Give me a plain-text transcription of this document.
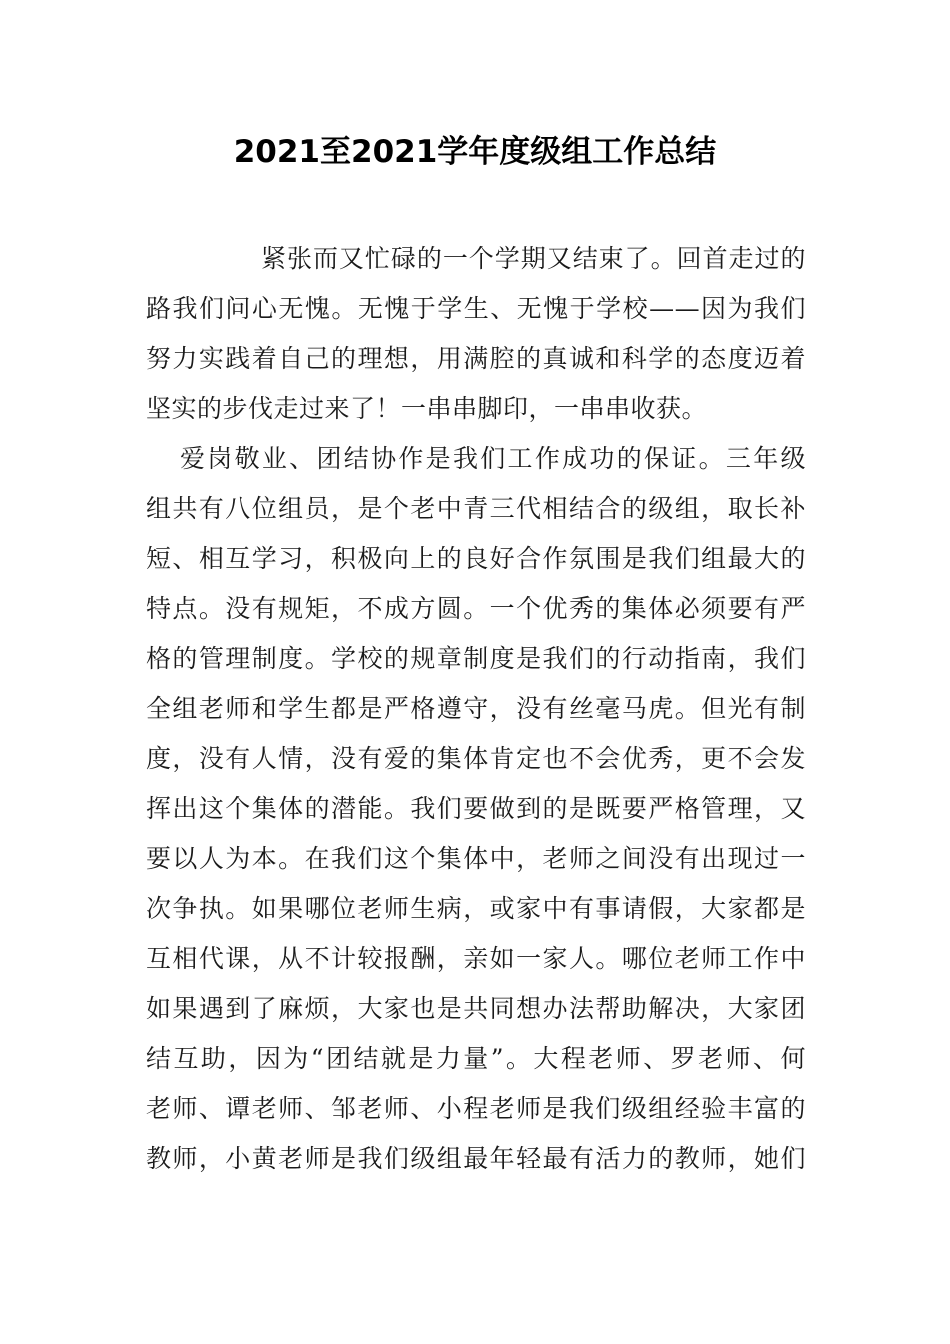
2021至2021学年度级组工作总结
紧张而又忙碌的一个学期又结束了。回首走过的
路我们问心无愧。无愧于学生、无愧于学校——因为我们
努力实践着自己的理想，用满腔的真诚和科学的态度迈着
坚实的步伐走过来了！一串串脚印，一串串收获。
爱岗敬业、团结协作是我们工作成功的保证。三年级
组共有八位组员，是个老中青三代相结合的级组，取长补
短、相互学习，积极向上的良好合作氛围是我们组最大的
特点。没有规矩，不成方圆。一个优秀的集体必须要有严
格的管理制度。学校的规章制度是我们的行动指南，我们
全组老师和学生都是严格遵守，没有丝毫马虎。但光有制
度，没有人情，没有爱的集体肯定也不会优秀，更不会发
挥出这个集体的潜能。我们要做到的是既要严格管理，又
要以人为本。在我们这个集体中，老师之间没有出现过一
次争执。如果哪位老师生病，或家中有事请假，大家都是
互相代课，从不计较报酬，亲如一家人。哪位老师工作中
如果遇到了麻烦，大家也是共同想办法帮助解决，大家团
结互助，因为“团结就是力量”。大程老师、罗老师、何
老师、谭老师、邹老师、小程老师是我们级组经验丰富的
教师，小黄老师是我们级组最年轻最有活力的教师，她们
